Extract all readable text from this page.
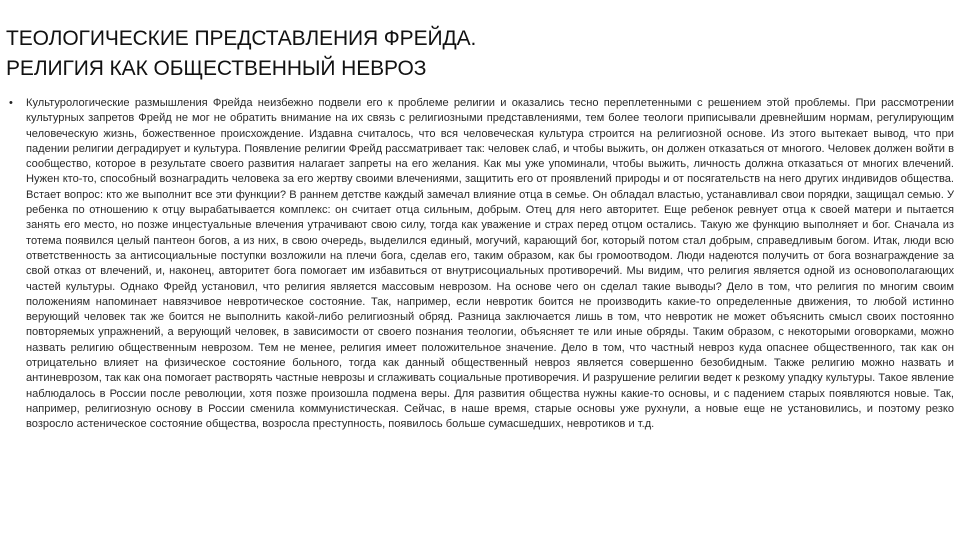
ТЕОЛОГИЧЕСКИЕ ПРЕДСТАВЛЕНИЯ ФРЕЙДА.
РЕЛИГИЯ КАК ОБЩЕСТВЕННЫЙ НЕВРОЗ
• Культурологические размышления Фрейда неизбежно подвели его к проблеме религии и оказались тесно переплетенными с решением этой проблемы. При рассмотрении культурных запретов Фрейд не мог не обратить внимание на их связь с религиозными представлениями, тем более теологи приписывали древнейшим нормам, регулирующим человеческую жизнь, божественное происхождение. Издавна считалось, что вся человеческая культура строится на религиозной основе. Из этого вытекает вывод, что при падении религии деградирует и культура. Появление религии Фрейд рассматривает так: человек слаб, и чтобы выжить, он должен отказаться от многого. Человек должен войти в сообщество, которое в результате своего развития налагает запреты на его желания. Как мы уже упоминали, чтобы выжить, личность должна отказаться от многих влечений. Нужен кто-то, способный вознаградить человека за его жертву своими влечениями, защитить его от проявлений природы и от посягательств на него других индивидов общества. Встает вопрос: кто же выполнит все эти функции? В раннем детстве каждый замечал влияние отца в семье. Он обладал властью, устанавливал свои порядки, защищал семью. У ребенка по отношению к отцу вырабатывается комплекс: он считает отца сильным, добрым. Отец для него авторитет. Еще ребенок ревнует отца к своей матери и пытается занять его место, но позже инцестуальные влечения утрачивают свою силу, тогда как уважение и страх перед отцом остались. Такую же функцию выполняет и бог. Сначала из тотема появился целый пантеон богов, а из них, в свою очередь, выделился единый, могучий, карающий бог, который потом стал добрым, справедливым богом. Итак, люди всю ответственность за антисоциальные поступки возложили на плечи бога, сделав его, таким образом, как бы громоотводом. Люди надеются получить от бога вознаграждение за свой отказ от влечений, и, наконец, авторитет бога помогает им избавиться от внутрисоциальных противоречий. Мы видим, что религия является одной из основополагающих частей культуры. Однако Фрейд установил, что религия является массовым неврозом. На основе чего он сделал такие выводы? Дело в том, что религия по многим своим положениям напоминает навязчивое невротическое состояние. Так, например, если невротик боится не производить какие-то определенные движения, то любой истинно верующий человек так же боится не выполнить какой-либо религиозный обряд. Разница заключается лишь в том, что невротик не может объяснить смысл своих постоянно повторяемых упражнений, а верующий человек, в зависимости от своего познания теологии, объясняет те или иные обряды. Таким образом, с некоторыми оговорками, можно назвать религию общественным неврозом. Тем не менее, религия имеет положительное значение. Дело в том, что частный невроз куда опаснее общественного, так как он отрицательно влияет на физическое состояние больного, тогда как данный общественный невроз является совершенно безобидным. Также религию можно назвать и антиневрозом, так как она помогает растворять частные неврозы и сглаживать социальные противоречия. И разрушение религии ведет к резкому упадку культуры. Такое явление наблюдалось в России после революции, хотя позже произошла подмена веры. Для развития общества нужны какие-то основы, и с падением старых появляются новые. Так, например, религиозную основу в России сменила коммунистическая. Сейчас, в наше время, старые основы уже рухнули, а новые еще не установились, и поэтому резко возросло астеническое состояние общества, возросла преступность, появилось больше сумасшедших, невротиков и т.д.
